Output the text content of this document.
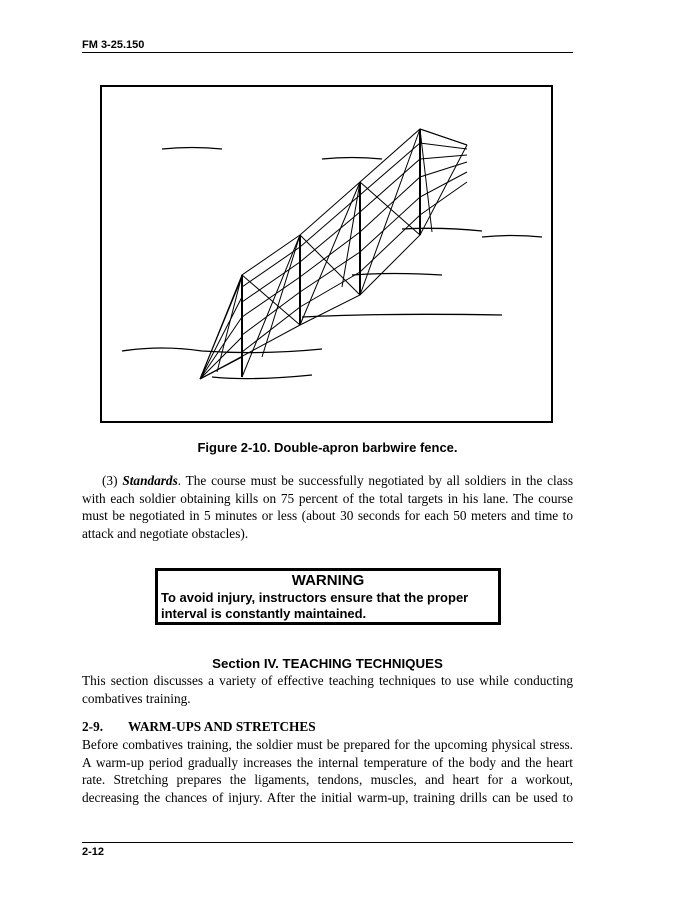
FM 3-25.150
Figure 2-10. Double-apron barbwire fence.
(3) Standards. The course must be successfully negotiated by all soldiers in the class with each soldier obtaining kills on 75 percent of the total targets in his lane. The course must be negotiated in 5 minutes or less (about 30 seconds for each 50 meters and time to attack and negotiate obstacles).
WARNING
To avoid injury, instructors ensure that the proper interval is constantly maintained.
Section IV. TEACHING TECHNIQUES
This section discusses a variety of effective teaching techniques to use while conducting combatives training.
2-9. WARM-UPS AND STRETCHES
Before combatives training, the soldier must be prepared for the upcoming physical stress. A warm-up period gradually increases the internal temperature of the body and the heart rate. Stretching prepares the ligaments, tendons, muscles, and heart for a workout, decreasing the chances of injury. After the initial warm-up, training drills can be used to
2-12
